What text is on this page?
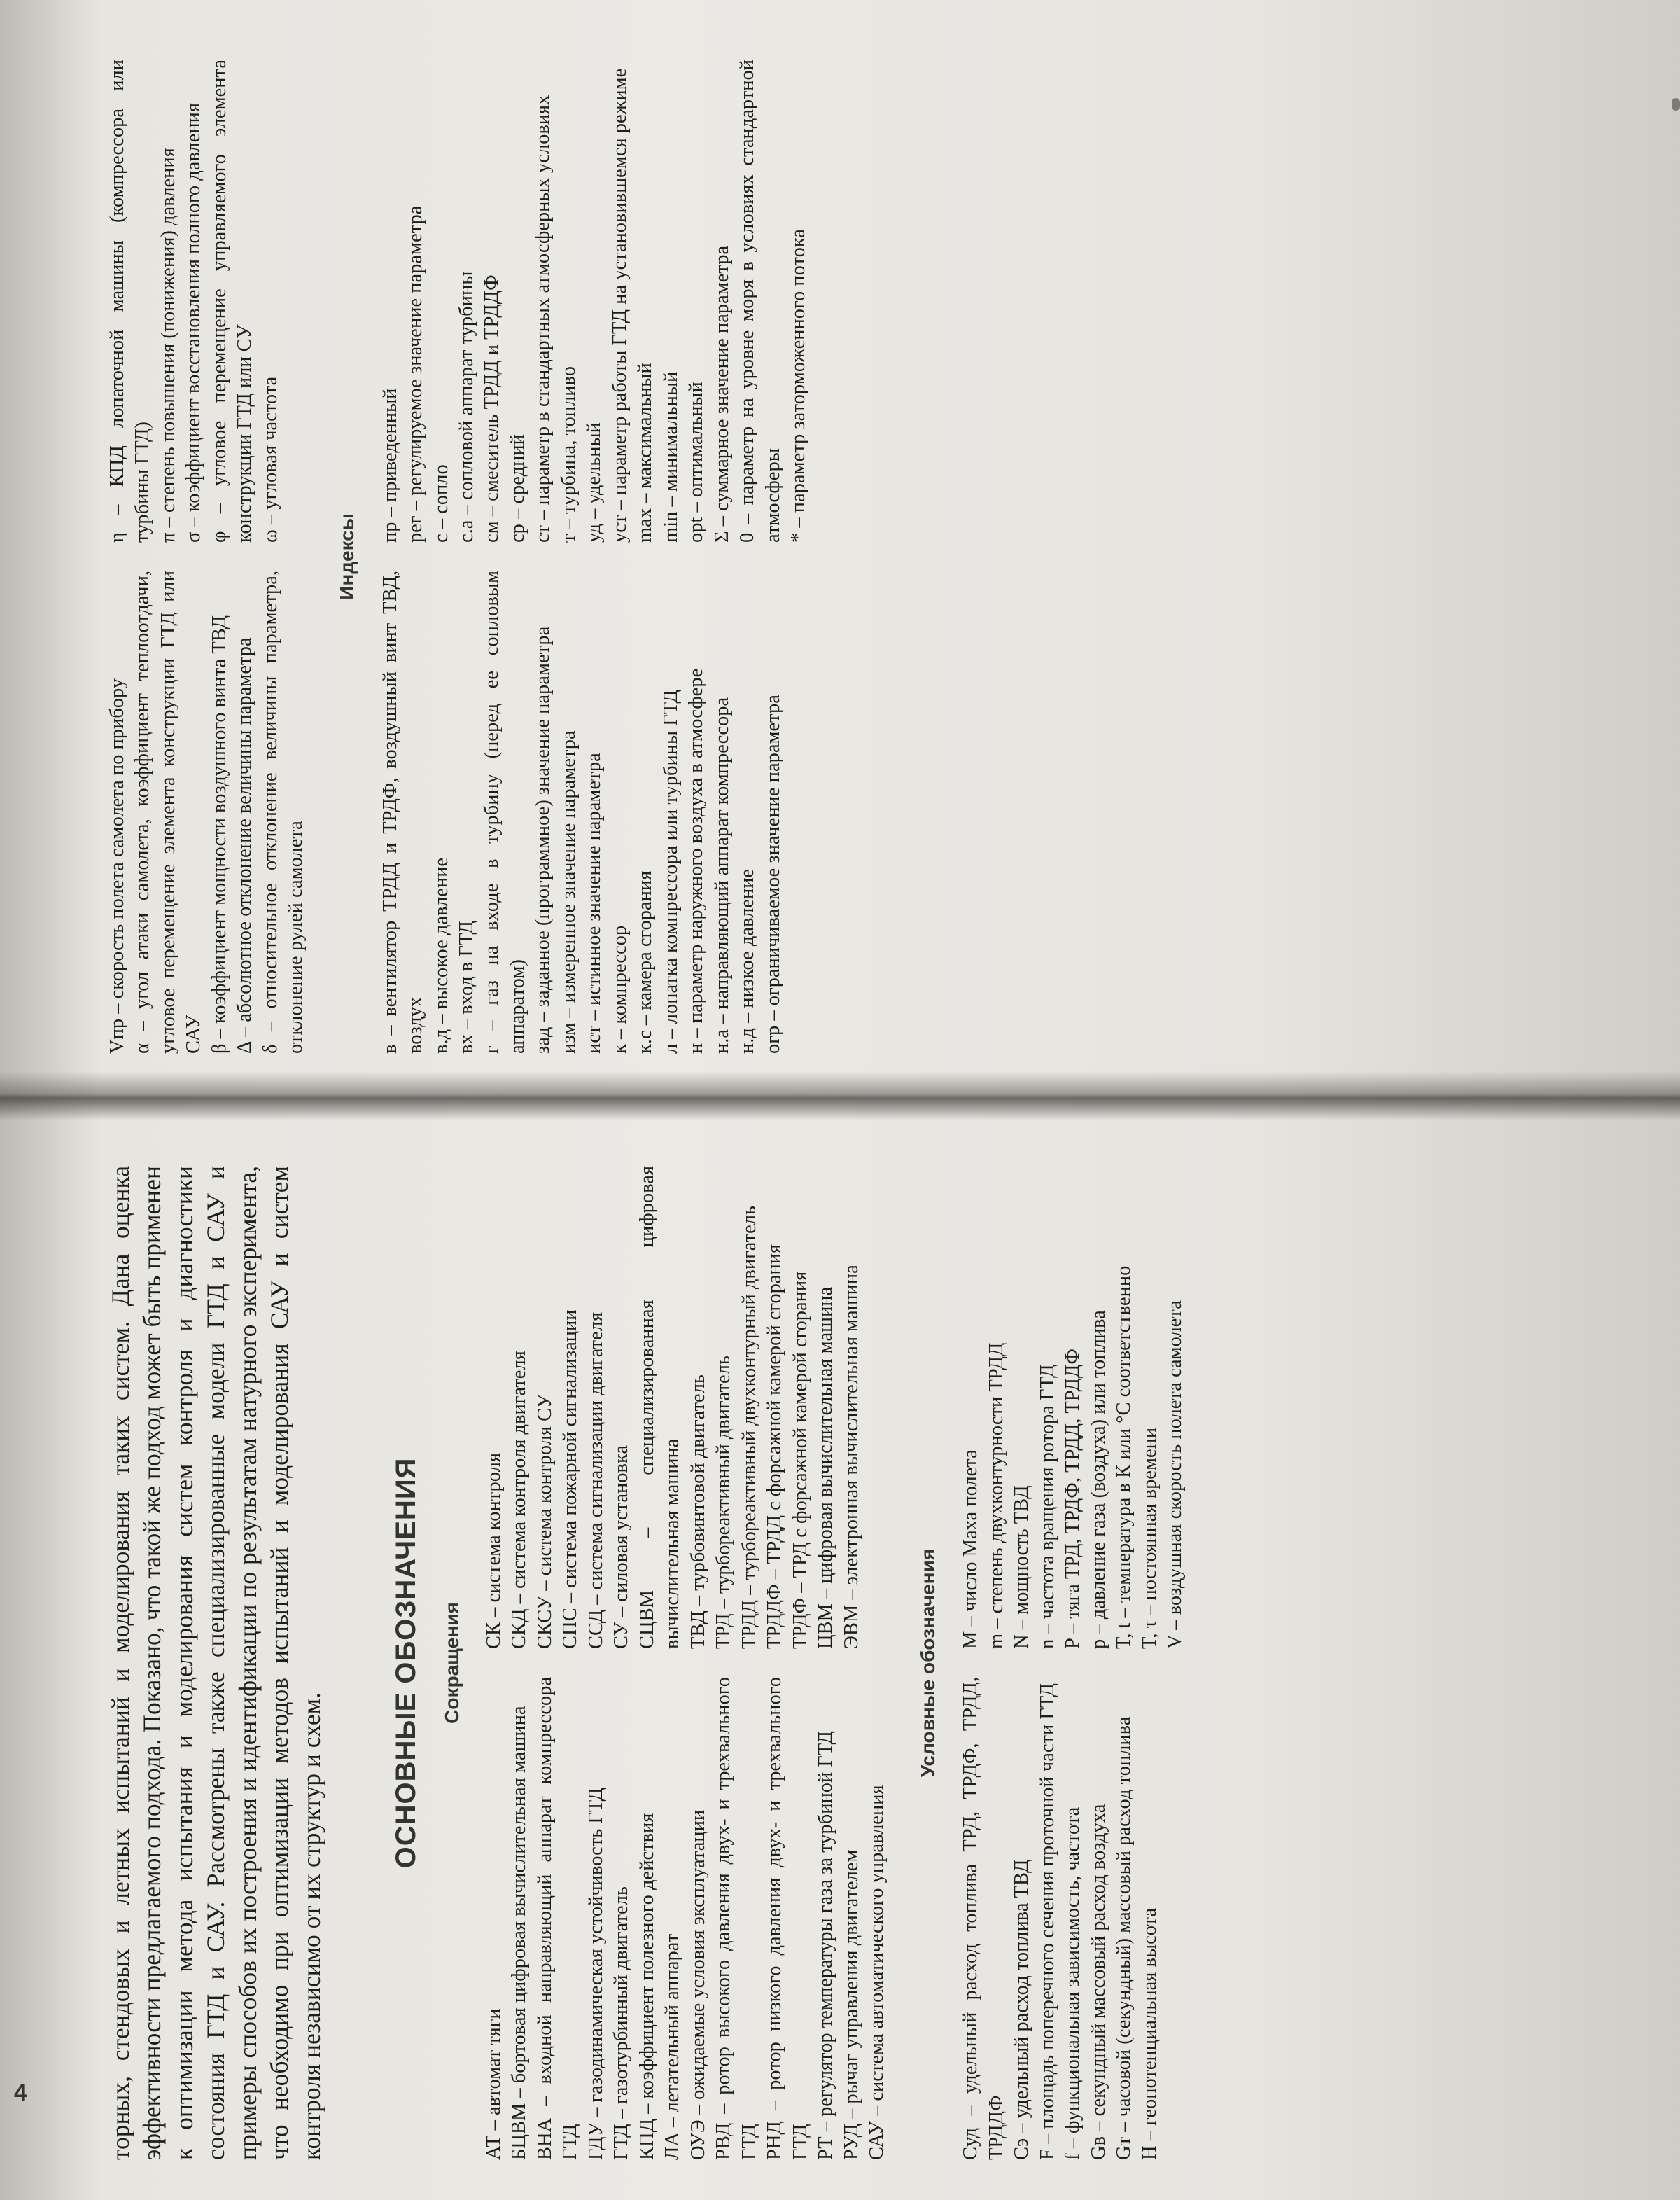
торных, стендовых и летных испытаний и моделирования таких систем. Дана оценка эффективности предлагаемого подхода. Показано, что такой же подход может быть применен к оптимизации метода испытания и моделирования систем контроля и диагностики состояния ГТД и САУ. Рассмотрены также специализированные модели ГТД и САУ и примеры способов их построения и идентификации по результатам натурного эксперимента, что необходимо при оптимизации методов испытаний и моделирования САУ и систем контроля независимо от их структур и схем.

ОСНОВНЫЕ ОБОЗНАЧЕНИЯ Сокращения

АТ – автомат тяги БЦВМ – бортовая цифровая вычислительная машина ВНА – входной направляющий аппарат компрессора ГТД ГДУ – газодинамическая устойчивость ГТД ГТД – газотурбинный двигатель КПД – коэффициент полезного действия ЛА – летательный аппарат ОУЭ – ожидаемые условия эксплуатации РВД – ротор высокого давления двух- и трехвального ГТД РНД – ротор низкого давления двух- и трехвального ГТД РТ – регулятор температуры газа за турбиной ГТД РУД – рычаг управления двигателем САУ – система автоматического управления

СК – система контроля СКД – система контроля двигателя СКСУ – система контроля СУ СПС – система пожарной сигнализации ССД – система сигнализации двигателя СУ – силовая установка СЦВМ – специализированная цифровая вычислительная машина ТВД – турбовинтовой двигатель ТРД – турбореактивный двигатель ТРДД – турбореактивный двухконтурный двигатель ТРДДФ – ТРДД с форсажной камерой сгорания ТРДФ – ТРД с форсажной камерой сгорания ЦВМ – цифровая вычислительная машина ЭВМ – электронная вычислительная машина

Условные обозначения

Cуд – удельный расход топлива ТРД, ТРДФ, ТРДД, ТРДДФ Cэ – удельный расход топлива ТВД F – площадь поперечного сечения проточной части ГТД f – функциональная зависимость, частота Gв – секундный массовый расход воздуха Gт – часовой (секундный) массовый расход топлива H – геопотенциальная высота

M – число Маха полета m – степень двухконтурности ТРДД N – мощность ТВД n – частота вращения ротора ГТД P – тяга ТРД, ТРДФ, ТРДД, ТРДДФ p – давление газа (воздуха) или топлива T, t – температура в К или °С соответственно T, τ – постоянная времени V – воздушная скорость полета самолета

4

Vпр – скорость полета самолета по прибору α – угол атаки самолета, коэффициент теплоотдачи, угловое перемещение элемента конструкции ГТД или САУ β – коэффициент мощности воздушного винта ТВД Δ – абсолютное отклонение величины параметра δ – относительное отклонение величины параметра, отклонение рулей самолета

η – КПД лопаточной машины (компрессора или турбины ГТД) π – степень повышения (понижения) давления σ – коэффициент восстановления полного давления φ – угловое перемещение управляемого элемента конструкции ГТД или СУ ω – угловая частота

Индексы

в – вентилятор ТРДД и ТРДФ, воздушный винт ТВД, воздух в.д – высокое давление вх – вход в ГТД г – газ на входе в турбину (перед ее сопловым аппаратом) зад – заданное (программное) значение параметра изм – измеренное значение параметра ист – истинное значение параметра к – компрессор к.с – камера сгорания л – лопатка компрессора или турбины ГТД н – параметр наружного воздуха в атмосфере н.а – направляющий аппарат компрессора н.д – низкое давление огр – ограничиваемое значение параметра

пр – приведенный рег – регулируемое значение параметра с – сопло с.а – сопловой аппарат турбины см – смеситель ТРДД и ТРДДФ ср – средний ст – параметр в стандартных атмосферных условиях т – турбина, топливо уд – удельный уст – параметр работы ГТД на установившемся режиме max – максимальный min – минимальный opt – оптимальный Σ – суммарное значение параметра 0 – параметр на уровне моря в условиях стандартной атмосферы * – параметр заторможенного потока
